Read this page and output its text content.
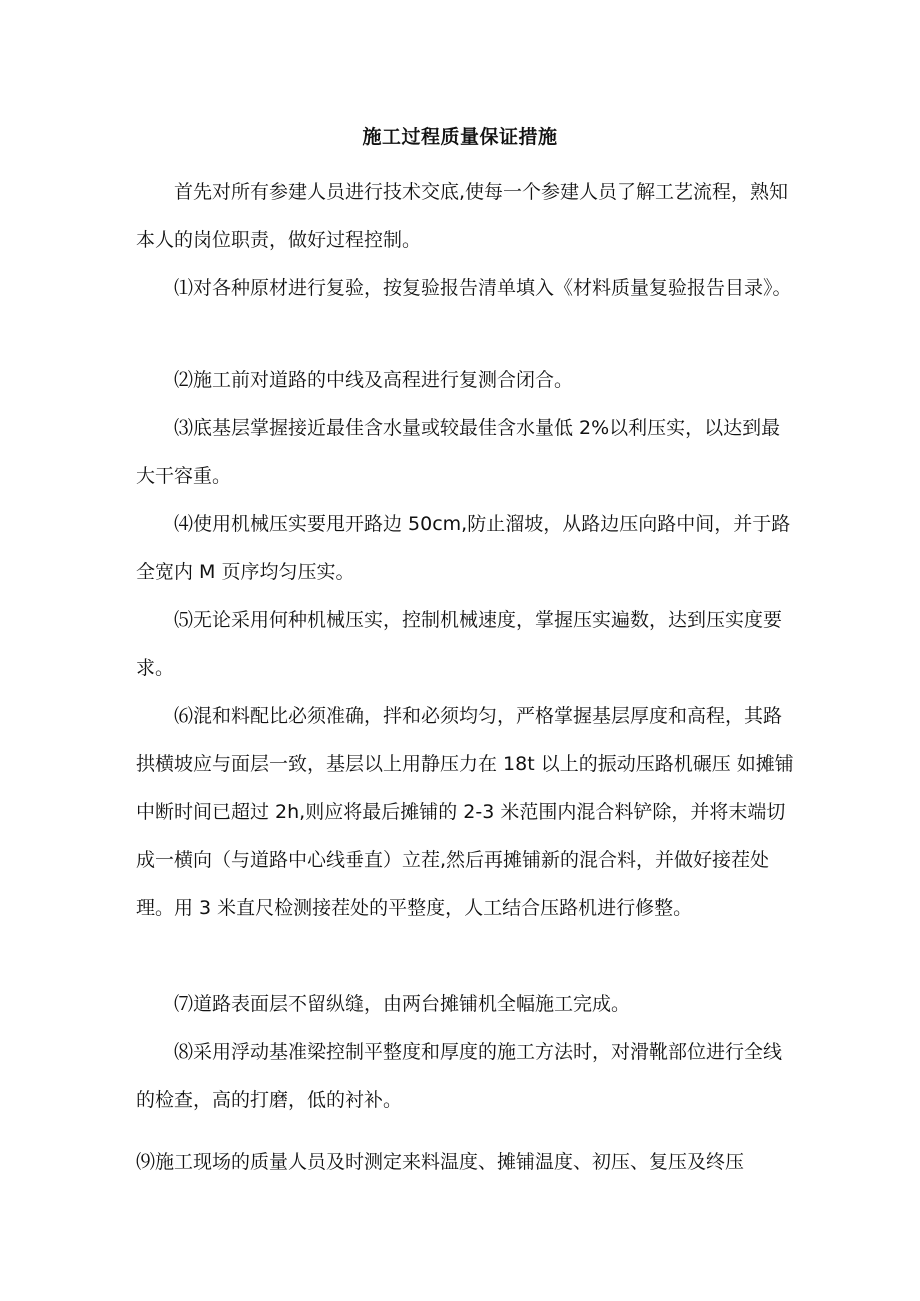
施工过程质量保证措施

首先对所有参建人员进行技术交底,使每一个参建人员了解工艺流程，熟知本人的岗位职责，做好过程控制。

⑴对各种原材进行复验，按复验报告清单填入《材料质量复验报告目录》。

⑵施工前对道路的中线及高程进行复测合闭合。

⑶底基层掌握接近最佳含水量或较最佳含水量低 2%以利压实，以达到最大干容重。

⑷使用机械压实要甩开路边 50cm,防止溜坡，从路边压向路中间，并于路全宽内 M 页序均匀压实。

⑸无论采用何种机械压实，控制机械速度，掌握压实遍数，达到压实度要求。

⑹混和料配比必须准确，拌和必须均匀，严格掌握基层厚度和高程，其路拱横坡应与面层一致，基层以上用静压力在 18t 以上的振动压路机碾压 如摊铺中断时间已超过 2h,则应将最后摊铺的 2-3 米范围内混合料铲除，并将末端切成一横向（与道路中心线垂直）立茬,然后再摊铺新的混合料，并做好接茬处理。用 3 米直尺检测接茬处的平整度，人工结合压路机进行修整。

⑺道路表面层不留纵缝，由两台摊铺机全幅施工完成。

⑻采用浮动基准梁控制平整度和厚度的施工方法时，对滑靴部位进行全线的检查，高的打磨，低的衬补。

⑼施工现场的质量人员及时测定来料温度、摊铺温度、初压、复压及终压
